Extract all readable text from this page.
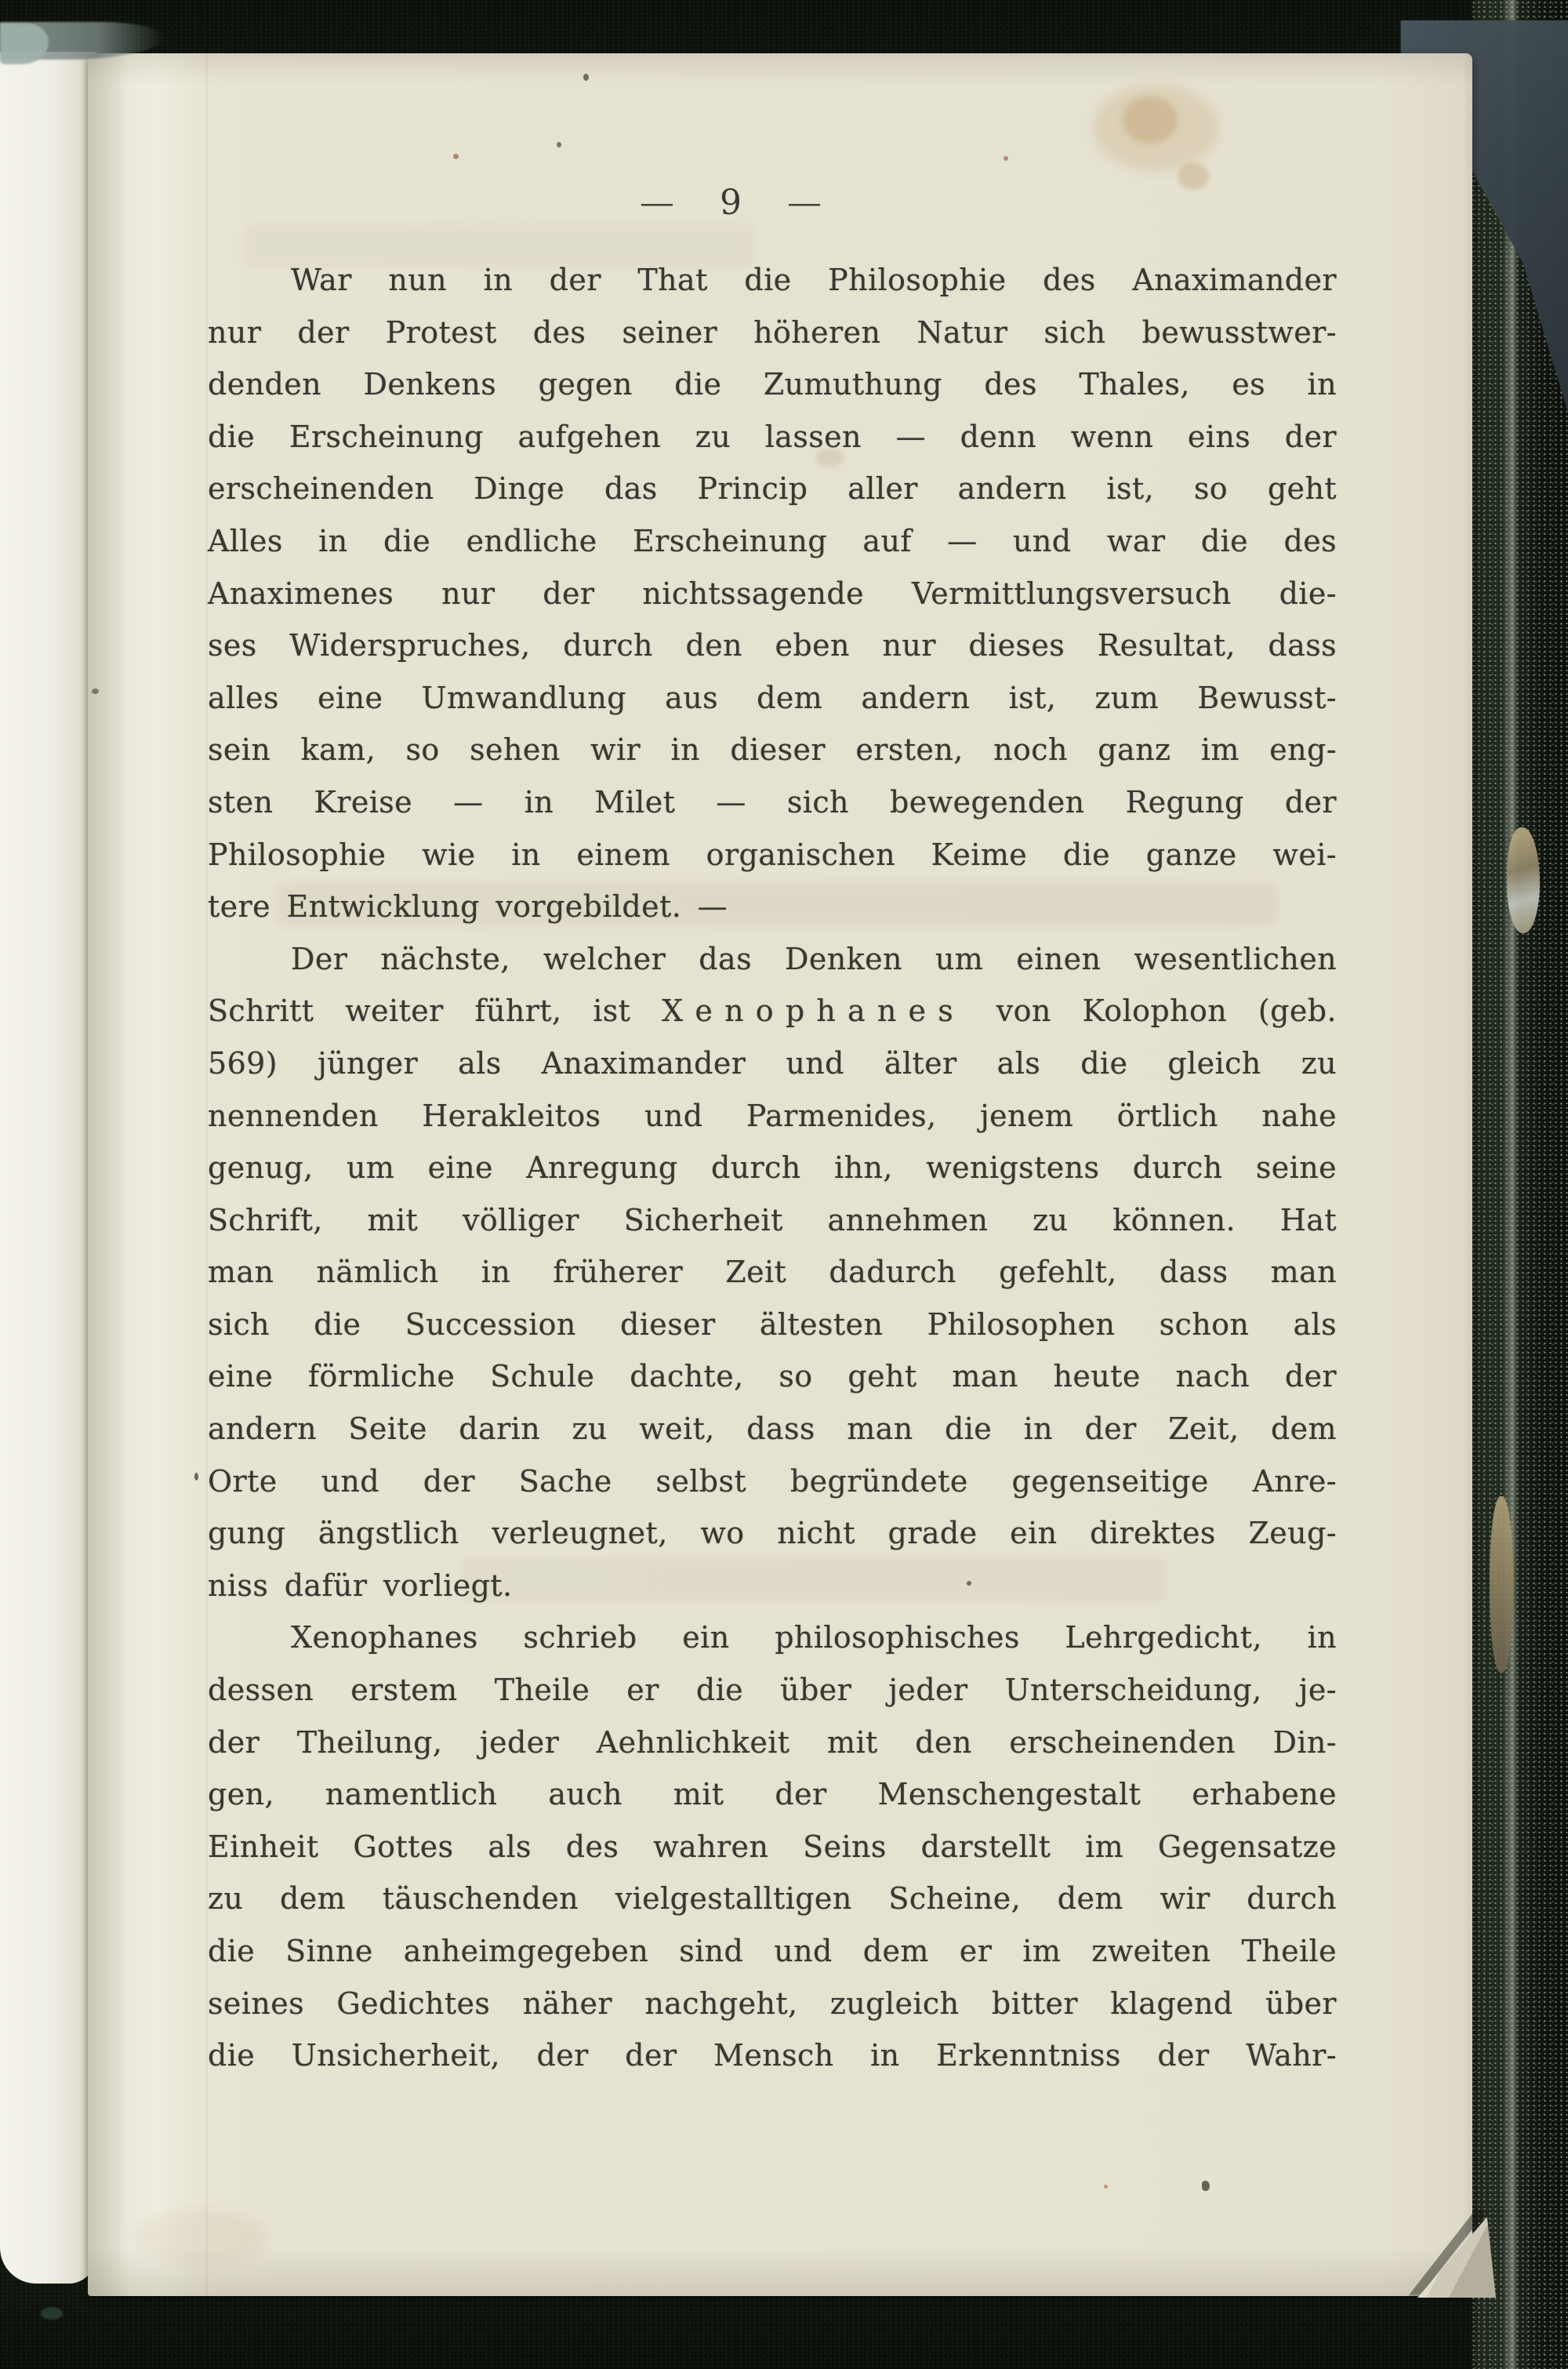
— 9 —
War nun in der That die Philosophie des Anaximander
nur der Protest des seiner höheren Natur sich bewusstwer-
denden Denkens gegen die Zumuthung des Thales, es in
die Erscheinung aufgehen zu lassen — denn wenn eins der
erscheinenden Dinge das Princip aller andern ist, so geht
Alles in die endliche Erscheinung auf — und war die des
Anaximenes nur der nichtssagende Vermittlungsversuch die-
ses Widerspruches, durch den eben nur dieses Resultat, dass
alles eine Umwandlung aus dem andern ist, zum Bewusst-
sein kam, so sehen wir in dieser ersten, noch ganz im eng-
sten Kreise — in Milet — sich bewegenden Regung der
Philosophie wie in einem organischen Keime die ganze wei-
tere Entwicklung vorgebildet. —
Der nächste, welcher das Denken um einen wesentlichen
Schritt weiter führt, ist Xenophanes von Kolophon (geb.
569) jünger als Anaximander und älter als die gleich zu
nennenden Herakleitos und Parmenides, jenem örtlich nahe
genug, um eine Anregung durch ihn, wenigstens durch seine
Schrift, mit völliger Sicherheit annehmen zu können. Hat
man nämlich in früherer Zeit dadurch gefehlt, dass man
sich die Succession dieser ältesten Philosophen schon als
eine förmliche Schule dachte, so geht man heute nach der
andern Seite darin zu weit, dass man die in der Zeit, dem
Orte und der Sache selbst begründete gegenseitige Anre-
gung ängstlich verleugnet, wo nicht grade ein direktes Zeug-
niss dafür vorliegt.
Xenophanes schrieb ein philosophisches Lehrgedicht, in
dessen erstem Theile er die über jeder Unterscheidung, je-
der Theilung, jeder Aehnlichkeit mit den erscheinenden Din-
gen, namentlich auch mit der Menschengestalt erhabene
Einheit Gottes als des wahren Seins darstellt im Gegensatze
zu dem täuschenden vielgestalltigen Scheine, dem wir durch
die Sinne anheimgegeben sind und dem er im zweiten Theile
seines Gedichtes näher nachgeht, zugleich bitter klagend über
die Unsicherheit, der der Mensch in Erkenntniss der Wahr-
